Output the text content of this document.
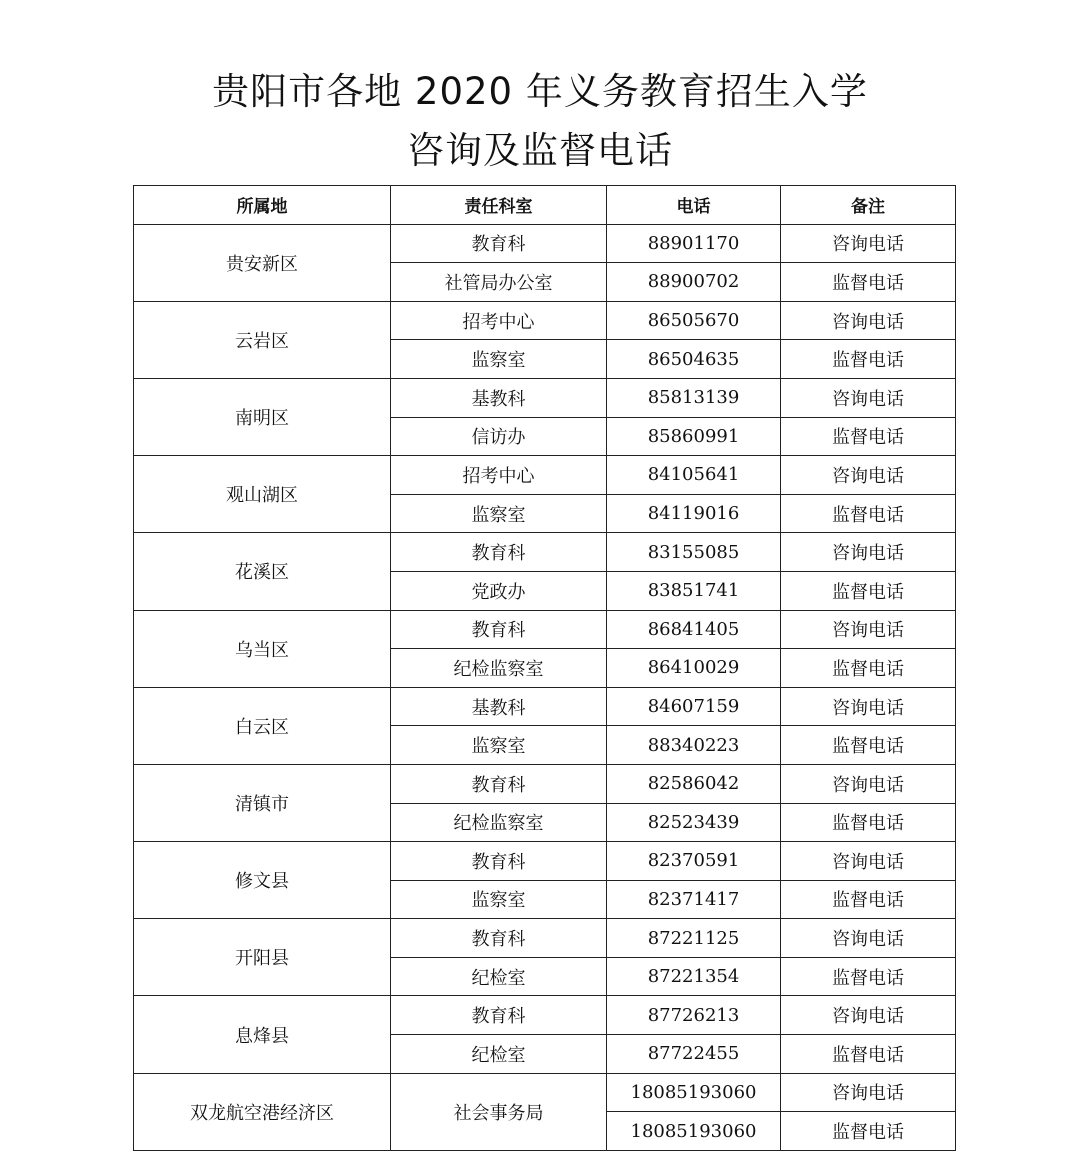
贵阳市各地 2020 年义务教育招生入学
咨询及监督电话
所属地	责任科室	电话	备注
贵安新区	教育科	88901170	咨询电话
	社管局办公室	88900702	监督电话
云岩区	招考中心	86505670	咨询电话
	监察室	86504635	监督电话
南明区	基教科	85813139	咨询电话
	信访办	85860991	监督电话
观山湖区	招考中心	84105641	咨询电话
	监察室	84119016	监督电话
花溪区	教育科	83155085	咨询电话
	党政办	83851741	监督电话
乌当区	教育科	86841405	咨询电话
	纪检监察室	86410029	监督电话
白云区	基教科	84607159	咨询电话
	监察室	88340223	监督电话
清镇市	教育科	82586042	咨询电话
	纪检监察室	82523439	监督电话
修文县	教育科	82370591	咨询电话
	监察室	82371417	监督电话
开阳县	教育科	87221125	咨询电话
	纪检室	87221354	监督电话
息烽县	教育科	87726213	咨询电话
	纪检室	87722455	监督电话
双龙航空港经济区	社会事务局	18085193060	咨询电话
		18085193060	监督电话
